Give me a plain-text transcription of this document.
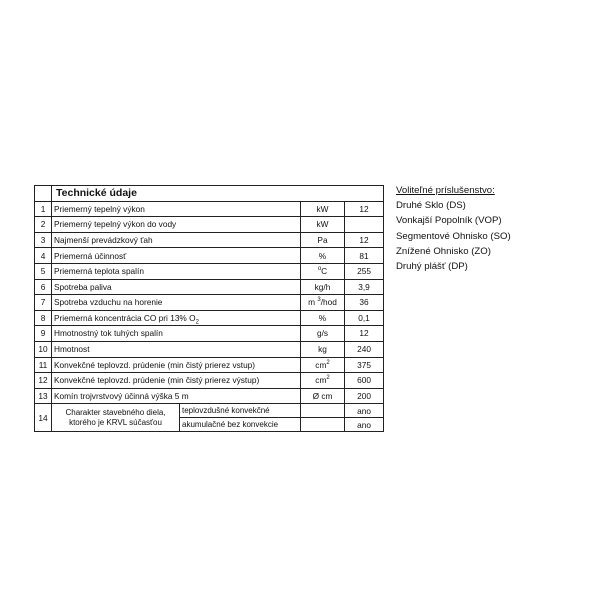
	Technické údaje			
1	Priemerný tepelný výkon		kW	12
2	Priemerný tepelný výkon do vody		kW	
3	Najmenší prevádzkový ťah		Pa	12
4	Priemerná účinnosť		%	81
5	Priemerná teplota spalín		$^o$C	255
6	Spotreba paliva		kg/h	3,9
7	Spotreba vzduchu na horenie		m $^3$/hod	36
8	Priemerná koncentrácia CO pri 13% $O_2$		%	0,1
9	Hmotnostný tok tuhých spalín		g/s	12
10	Hmotnost		kg	240
11	Konvekčné teplovzd. prúdenie (min čistý prierez vstup)		$cm^2$	375
12	Konvekčné teplovzd. prúdenie (min čistý prierez výstup)		$cm^2$	600
13	Komín trojvrstvový účinná výška 5 m		Ø cm	200
14	Charakter stavebného diela, ktorého je KRVL súčasťou	teplovzdušné konvekčné		ano
		akumulačné bez konvekcie		ano
Voliteľné príslušenstvo:
Druhé Sklo (DS)
Vonkajší Popolník (VOP)
Segmentové Ohnisko (SO)
Znížené Ohnisko (ZO)
Druhý plášť (DP)
